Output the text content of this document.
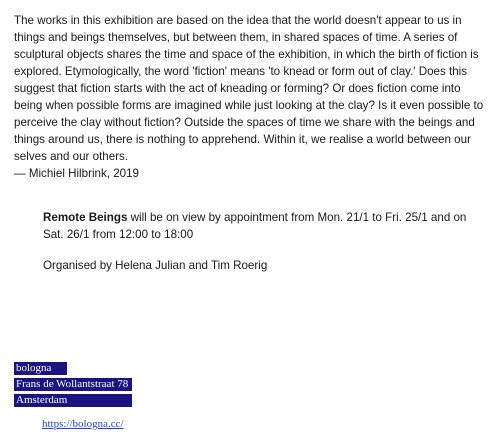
The works in this exhibition are based on the idea that the world doesn't appear to us in things and beings themselves, but between them, in shared spaces of time. A series of sculptural objects shares the time and space of the exhibition, in which the birth of fiction is explored. Etymologically, the word 'fiction' means 'to knead or form out of clay.' Does this suggest that fiction starts with the act of kneading or forming? Or does fiction come into being when possible forms are imagined while just looking at the clay? Is it even possible to perceive the clay without fiction? Outside the spaces of time we share with the beings and things around us, there is nothing to apprehend. Within it, we realise a world between our selves and our others.
— Michiel Hilbrink, 2019

Remote Beings will be on view by appointment from Mon. 21/1 to Fri. 25/1 and on Sat. 26/1 from 12:00 to 18:00

Organised by Helena Julian and Tim Roerig

bologna
Frans de Wollantstraat 78
Amsterdam
https://bologna.cc/
